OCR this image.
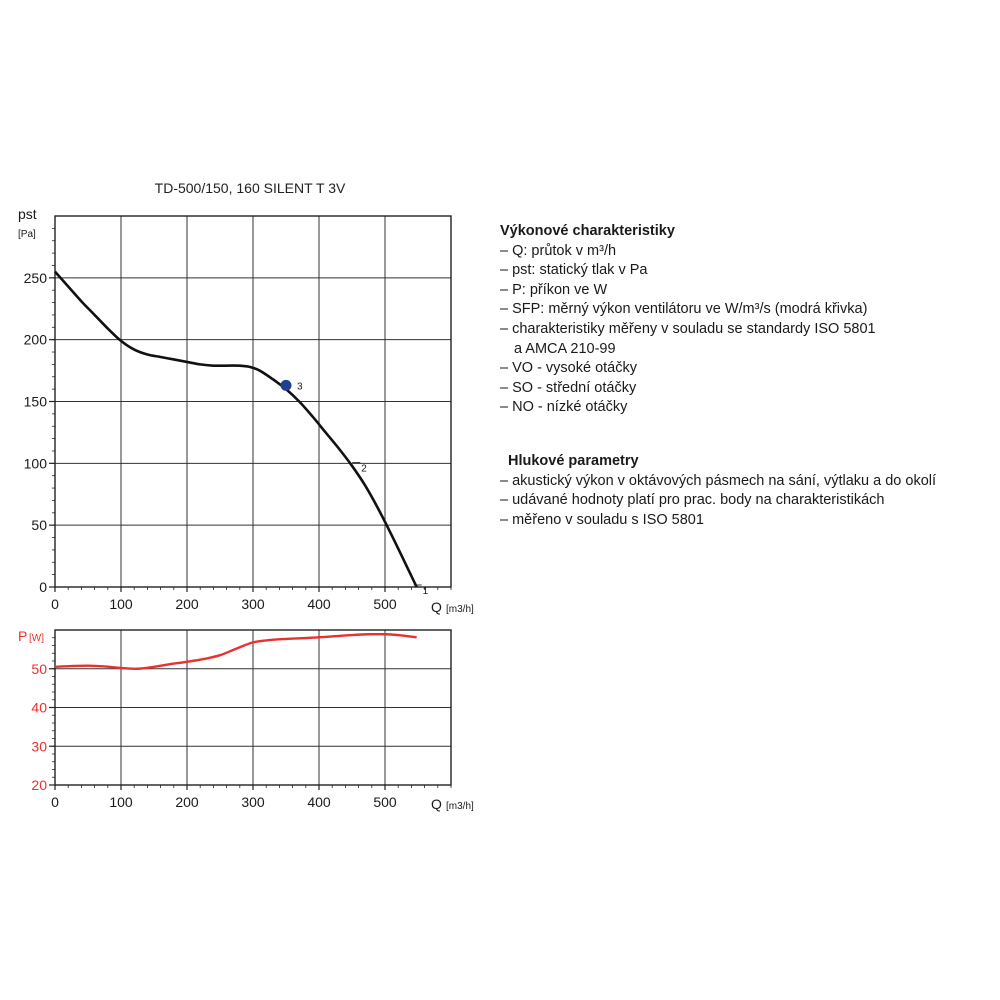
TD-500/150, 160 SILENT T 3V
0	100	200	300	400	500
0
50
100
150
200
250
3
2
1
pst
[Pa]
Q [m3/h]
0	100	200	300	400	500
20
30
40
50
P [W]
Q [m3/h]
Výkonové charakteristiky
– Q: průtok v m³/h
– pst: statický tlak v Pa
– P: příkon ve W
– SFP: měrný výkon ventilátoru ve W/m³/s (modrá křivka)
– charakteristiky měřeny v souladu se standardy ISO 5801
a AMCA 210-99
– VO - vysoké otáčky
– SO - střední otáčky
– NO - nízké otáčky
Hlukové parametry
– akustický výkon v oktávových pásmech na sání, výtlaku a do okolí
– udávané hodnoty platí pro prac. body na charakteristikách
– měřeno v souladu s ISO 5801
